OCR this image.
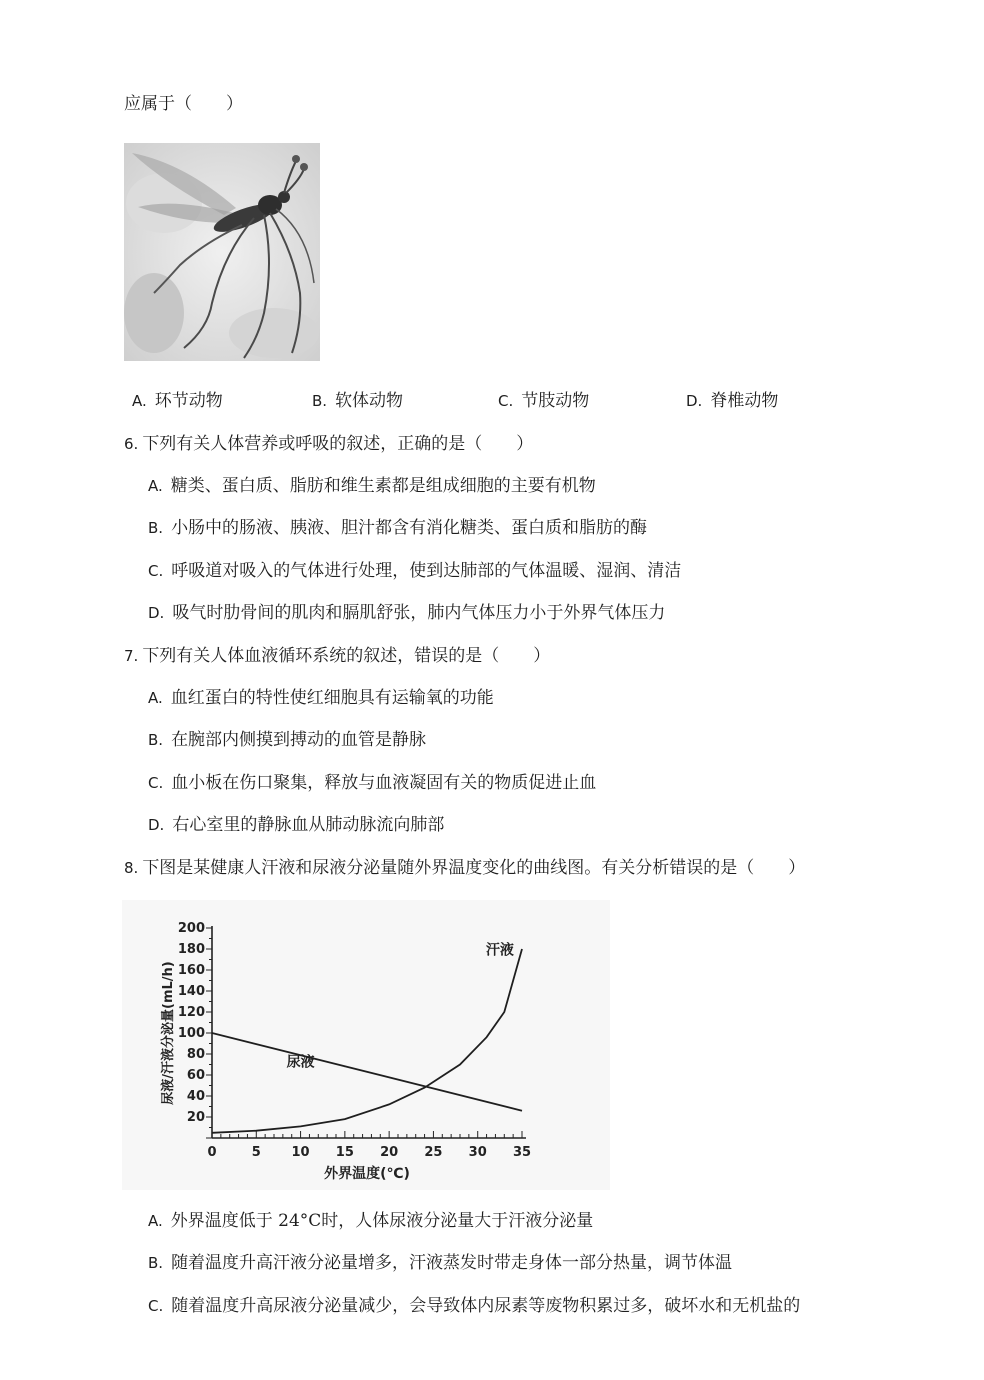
应属于（　　）
A. 环节动物	B. 软体动物	C. 节肢动物	D. 脊椎动物
6. 下列有关人体营养或呼吸的叙述，正确的是（　　）
A. 糖类、蛋白质、脂肪和维生素都是组成细胞的主要有机物
B. 小肠中的肠液、胰液、胆汁都含有消化糖类、蛋白质和脂肪的酶
C. 呼吸道对吸入的气体进行处理，使到达肺部的气体温暖、湿润、清洁
D. 吸气时肋骨间的肌肉和膈肌舒张，肺内气体压力小于外界气体压力
7. 下列有关人体血液循环系统的叙述，错误的是（　　）
A. 血红蛋白的特性使红细胞具有运输氧的功能
B. 在腕部内侧摸到搏动的血管是静脉
C. 血小板在伤口聚集，释放与血液凝固有关的物质促进止血
D. 右心室里的静脉血从肺动脉流向肺部
8. 下图是某健康人汗液和尿液分泌量随外界温度变化的曲线图。有关分析错误的是（　　）
0	5 10 15 20 25 30 35
20
40
60
80
100
120
140
160
180
200
外界温度(℃)
尿液/汗液分泌量(mL/h)	尿液
汗液
A. 外界温度低于 24°C时，人体尿液分泌量大于汗液分泌量
B. 随着温度升高汗液分泌量增多，汗液蒸发时带走身体一部分热量，调节体温
C. 随着温度升高尿液分泌量减少，会导致体内尿素等废物积累过多，破坏水和无机盐的
